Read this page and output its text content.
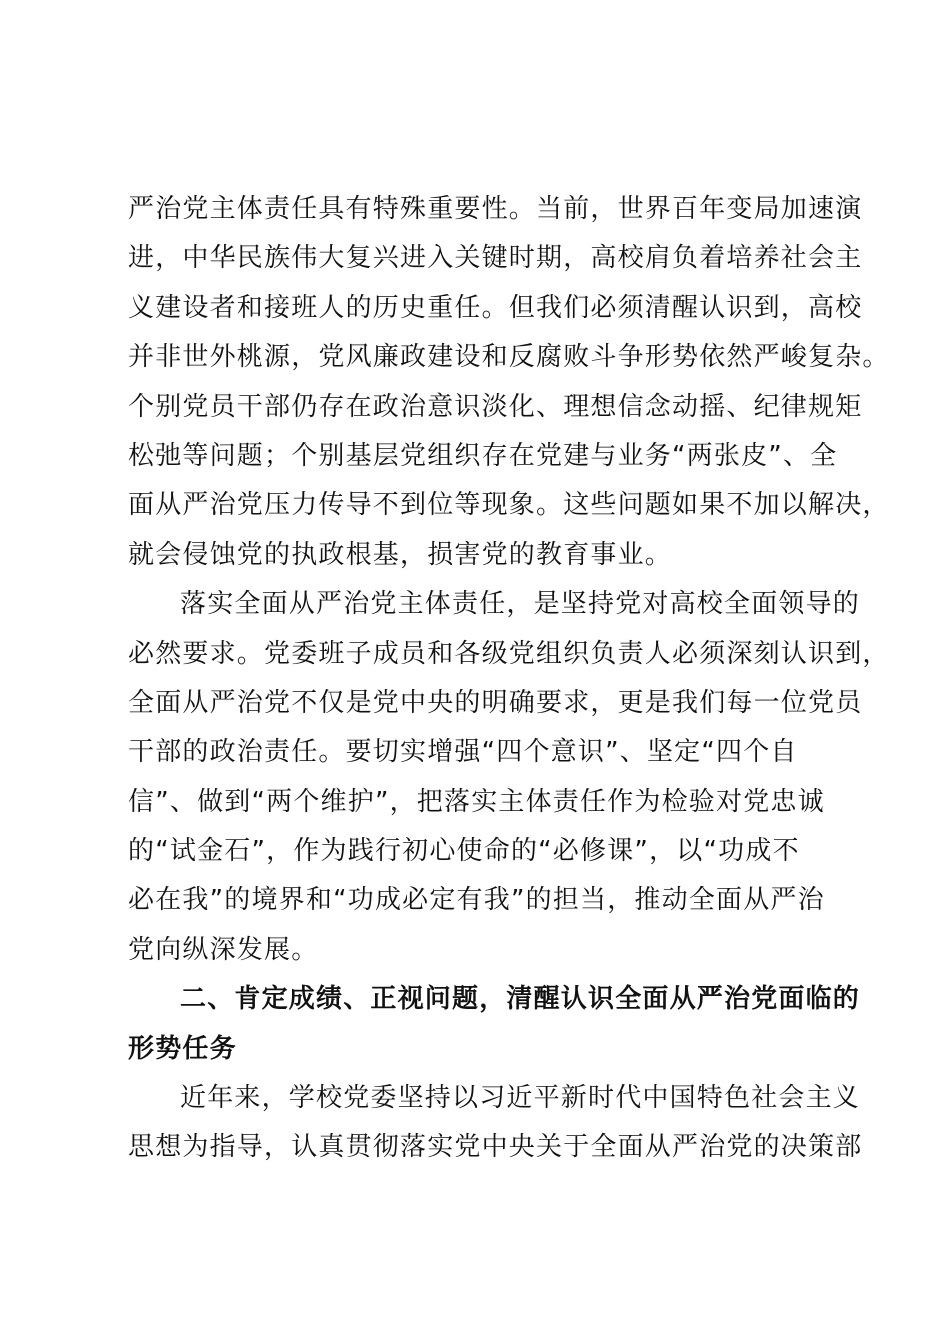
严治党主体责任具有特殊重要性。当前，世界百年变局加速演
进，中华民族伟大复兴进入关键时期，高校肩负着培养社会主
义建设者和接班人的历史重任。但我们必须清醒认识到，高校
并非世外桃源，党风廉政建设和反腐败斗争形势依然严峻复杂。
个别党员干部仍存在政治意识淡化、理想信念动摇、纪律规矩
松弛等问题；个别基层党组织存在党建与业务“两张皮”、全
面从严治党压力传导不到位等现象。这些问题如果不加以解决，
就会侵蚀党的执政根基，损害党的教育事业。
落实全面从严治党主体责任，是坚持党对高校全面领导的
必然要求。党委班子成员和各级党组织负责人必须深刻认识到，
全面从严治党不仅是党中央的明确要求，更是我们每一位党员
干部的政治责任。要切实增强“四个意识”、坚定“四个自
信”、做到“两个维护”，把落实主体责任作为检验对党忠诚
的“试金石”，作为践行初心使命的“必修课”，以“功成不
必在我”的境界和“功成必定有我”的担当，推动全面从严治
党向纵深发展。
二、肯定成绩、正视问题，清醒认识全面从严治党面临的
形势任务
近年来，学校党委坚持以习近平新时代中国特色社会主义
思想为指导，认真贯彻落实党中央关于全面从严治党的决策部
